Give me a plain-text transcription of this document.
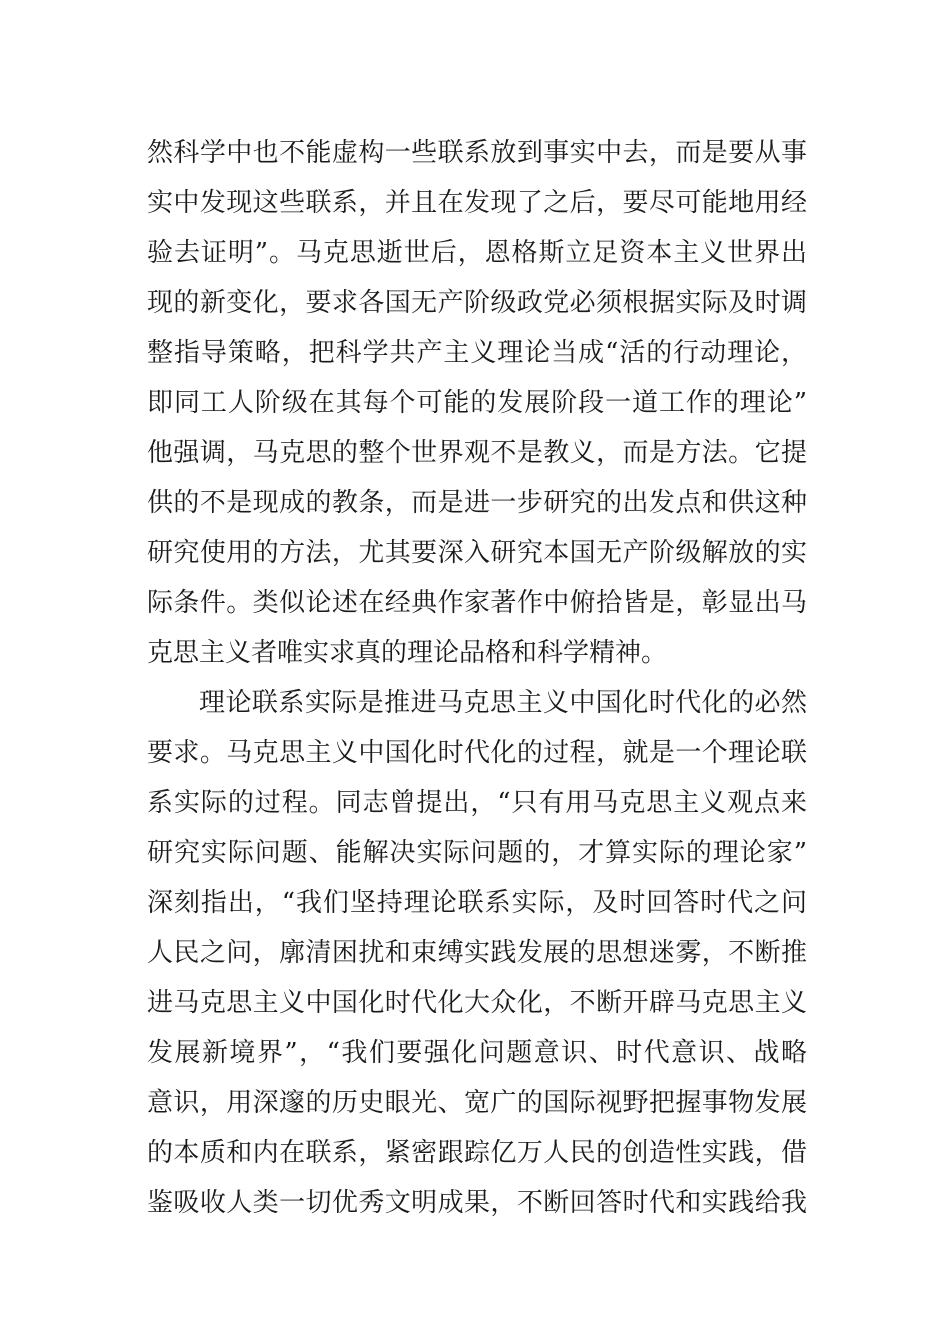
然科学中也不能虚构一些联系放到事实中去，而是要从事
实中发现这些联系，并且在发现了之后，要尽可能地用经
验去证明”。马克思逝世后，恩格斯立足资本主义世界出
现的新变化，要求各国无产阶级政党必须根据实际及时调
整指导策略，把科学共产主义理论当成“活的行动理论，
即同工人阶级在其每个可能的发展阶段一道工作的理论”
他强调，马克思的整个世界观不是教义，而是方法。它提
供的不是现成的教条，而是进一步研究的出发点和供这种
研究使用的方法，尤其要深入研究本国无产阶级解放的实
际条件。类似论述在经典作家著作中俯拾皆是，彰显出马
克思主义者唯实求真的理论品格和科学精神。
理论联系实际是推进马克思主义中国化时代化的必然
要求。马克思主义中国化时代化的过程，就是一个理论联
系实际的过程。同志曾提出，“只有用马克思主义观点来
研究实际问题、能解决实际问题的，才算实际的理论家”
深刻指出，“我们坚持理论联系实际，及时回答时代之问
人民之问，廓清困扰和束缚实践发展的思想迷雾，不断推
进马克思主义中国化时代化大众化，不断开辟马克思主义
发展新境界”，“我们要强化问题意识、时代意识、战略
意识，用深邃的历史眼光、宽广的国际视野把握事物发展
的本质和内在联系，紧密跟踪亿万人民的创造性实践，借
鉴吸收人类一切优秀文明成果，不断回答时代和实践给我
